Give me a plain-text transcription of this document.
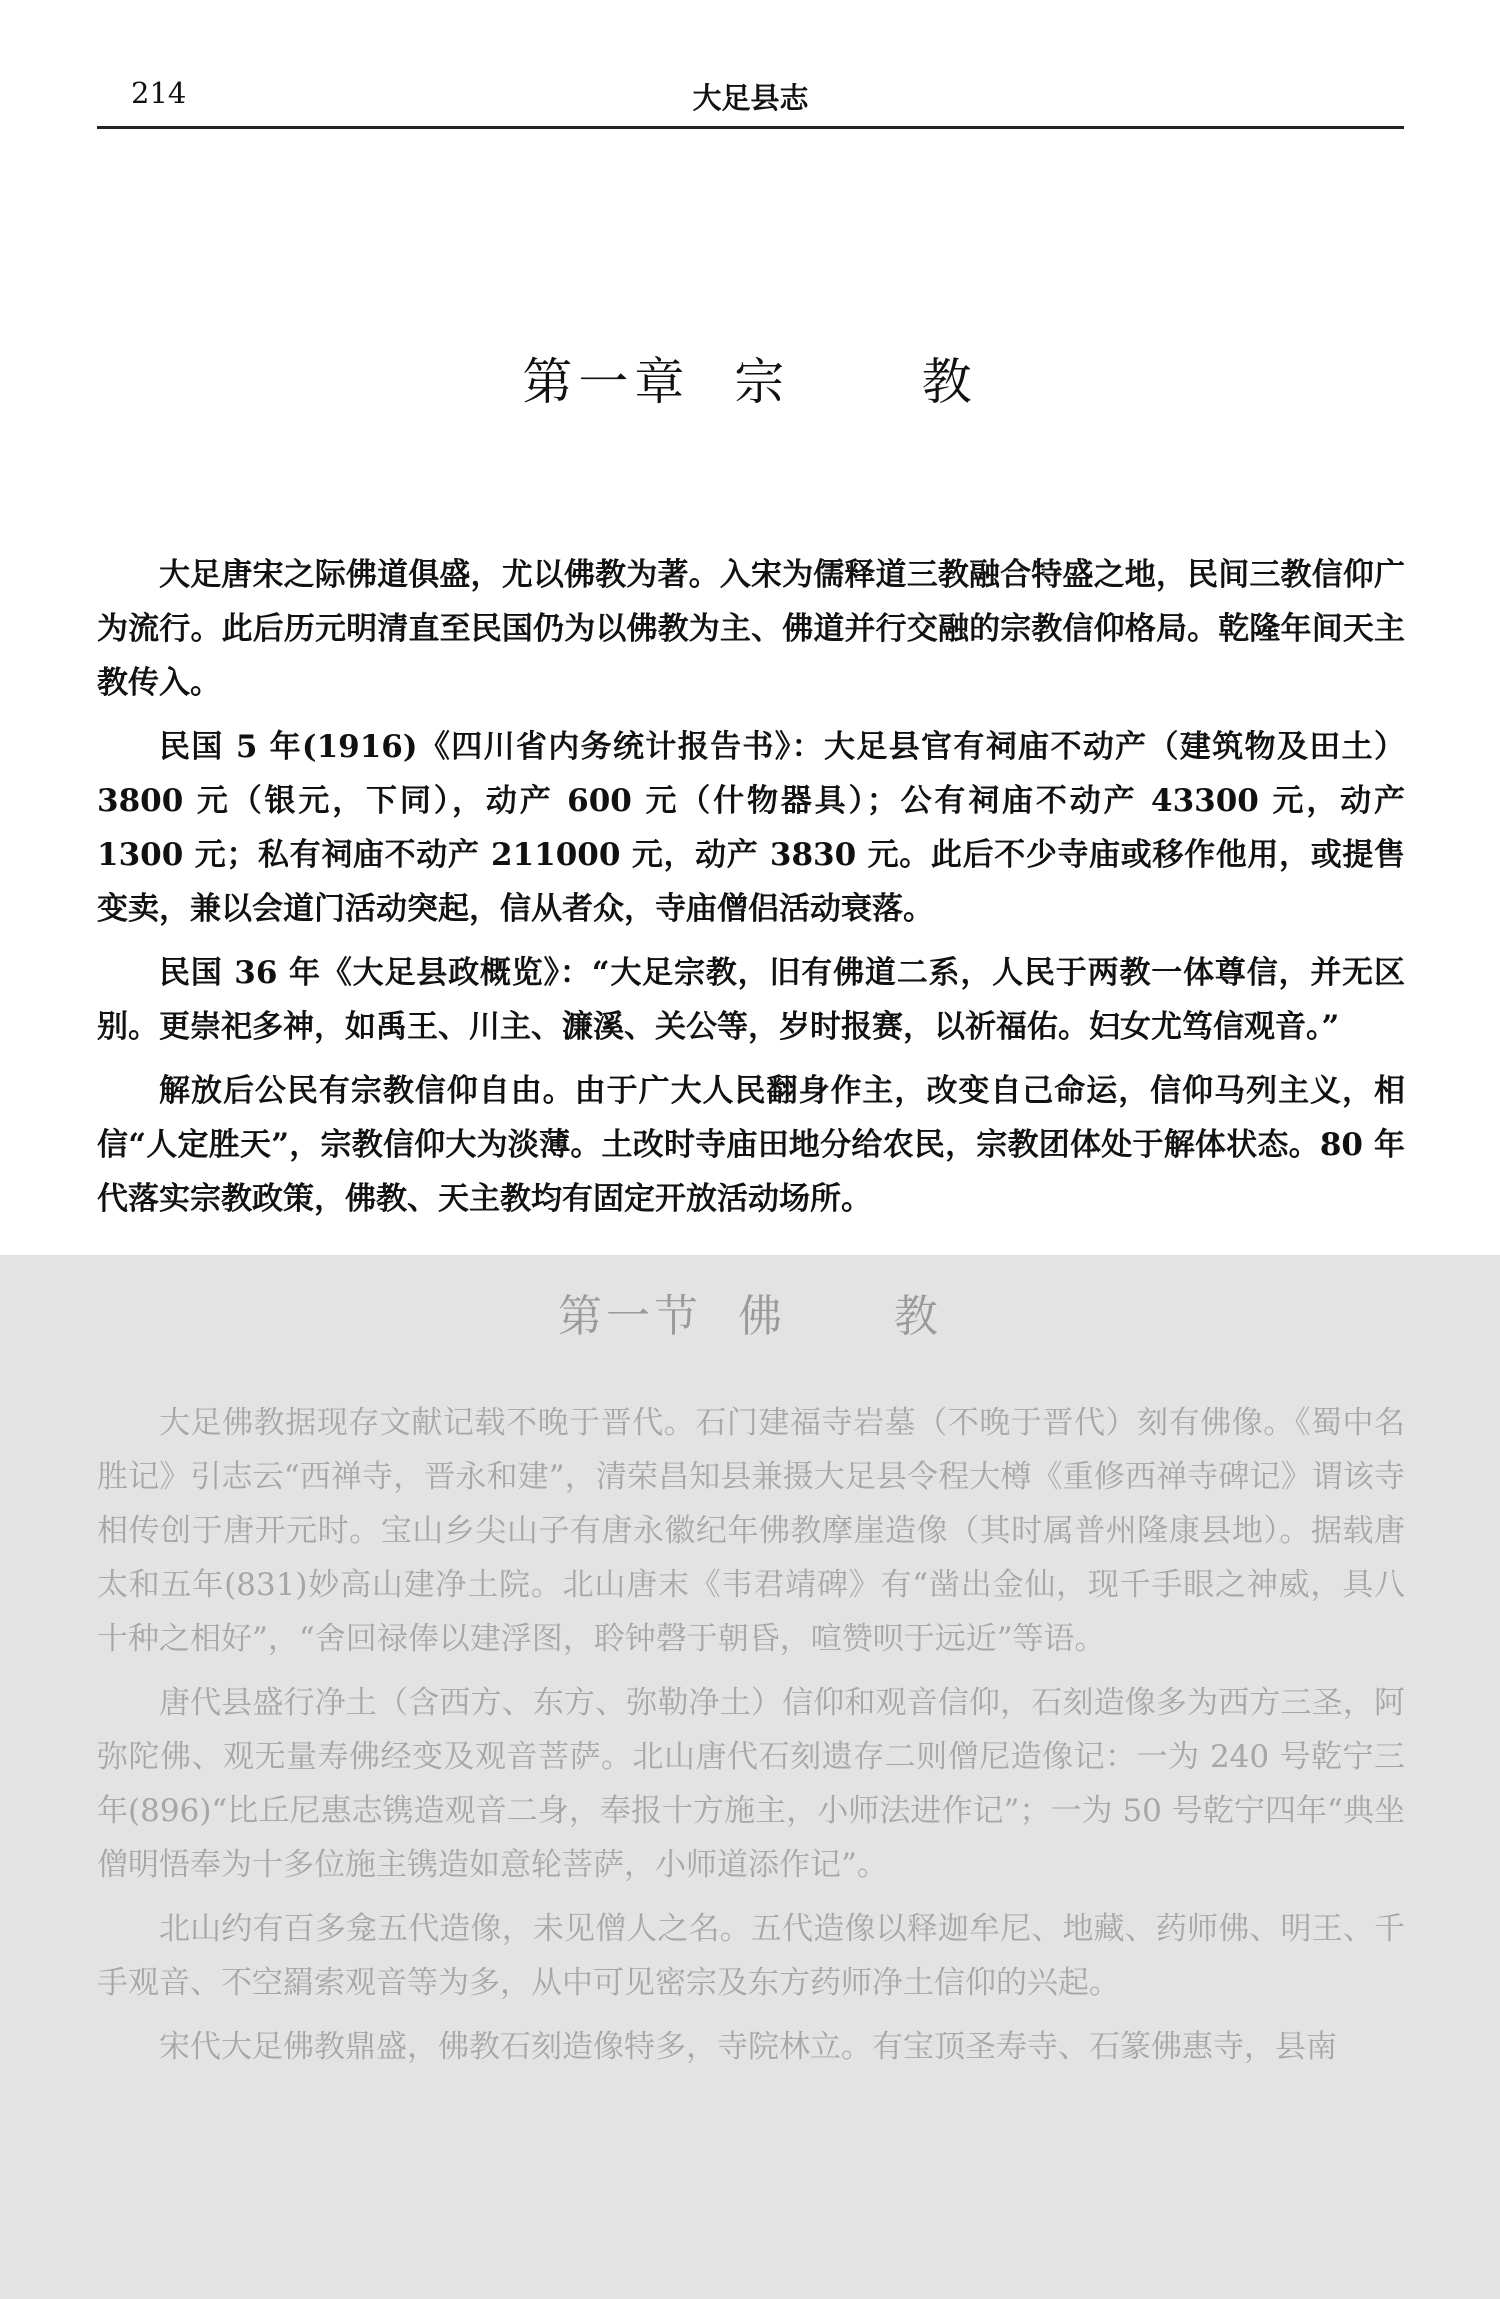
214	大足县志
第一章  宗      教

大足唐宋之际佛道俱盛，尤以佛教为著。入宋为儒释道三教融合特盛之地，民间三教信仰广为流行。此后历元明清直至民国仍为以佛教为主、佛道并行交融的宗教信仰格局。乾隆年间天主教传入。

民国 5 年(1916)《四川省内务统计报告书》：大足县官有祠庙不动产（建筑物及田土）3800 元（银元，下同），动产 600 元（什物器具）；公有祠庙不动产 43300 元，动产 1300 元；私有祠庙不动产 211000 元，动产 3830 元。此后不少寺庙或移作他用，或提售变卖，兼以会道门活动突起，信从者众，寺庙僧侣活动衰落。

民国 36 年《大足县政概览》：“大足宗教，旧有佛道二系，人民于两教一体尊信，并无区别。更崇祀多神，如禹王、川主、濂溪、关公等，岁时报赛，以祈福佑。妇女尤笃信观音。”

解放后公民有宗教信仰自由。由于广大人民翻身作主，改变自己命运，信仰马列主义，相信“人定胜天”，宗教信仰大为淡薄。土改时寺庙田地分给农民，宗教团体处于解体状态。80 年代落实宗教政策，佛教、天主教均有固定开放活动场所。

第一节  佛      教

大足佛教据现存文献记载不晚于晋代。石门建福寺岩墓（不晚于晋代）刻有佛像。《蜀中名胜记》引志云“西禅寺，晋永和建”，清荣昌知县兼摄大足县令程大樽《重修西禅寺碑记》谓该寺相传创于唐开元时。宝山乡尖山子有唐永徽纪年佛教摩崖造像（其时属普州隆康县地）。据载唐太和五年(831)妙高山建净土院。北山唐末《韦君靖碑》有“凿出金仙，现千手眼之神威，具八十种之相好”，“舍回禄俸以建浮图，聆钟磬于朝昏，喧赞呗于远近”等语。

唐代县盛行净土（含西方、东方、弥勒净土）信仰和观音信仰，石刻造像多为西方三圣，阿弥陀佛、观无量寿佛经变及观音菩萨。北山唐代石刻遗存二则僧尼造像记：一为 240 号乾宁三年(896)“比丘尼惠志镌造观音二身，奉报十方施主，小师法进作记”；一为 50 号乾宁四年“典坐僧明悟奉为十多位施主镌造如意轮菩萨，小师道添作记”。

北山约有百多龛五代造像，未见僧人之名。五代造像以释迦牟尼、地藏、药师佛、明王、千手观音、不空羂索观音等为多，从中可见密宗及东方药师净土信仰的兴起。

宋代大足佛教鼎盛，佛教石刻造像特多，寺院林立。有宝顶圣寿寺、石篆佛惠寺，县南
